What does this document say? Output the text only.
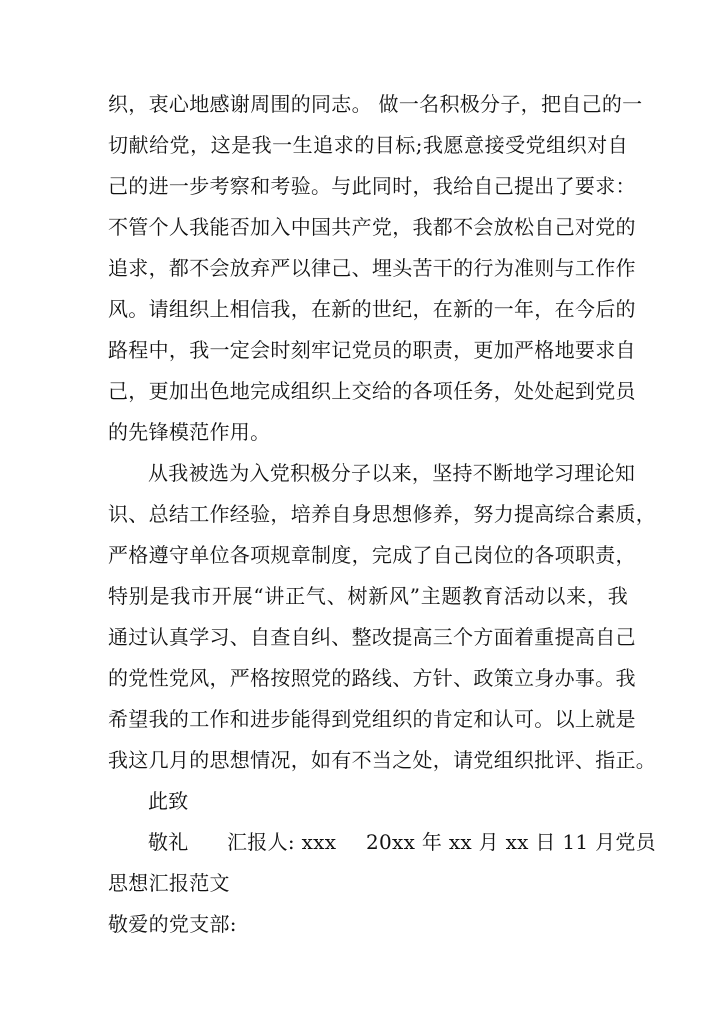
织，衷心地感谢周围的同志。 做一名积极分子，把自己的一
切献给党，这是我一生追求的目标;我愿意接受党组织对自
己的进一步考察和考验。与此同时，我给自己提出了要求：
不管个人我能否加入中国共产党，我都不会放松自己对党的
追求，都不会放弃严以律己、埋头苦干的行为准则与工作作
风。请组织上相信我，在新的世纪，在新的一年，在今后的
路程中，我一定会时刻牢记党员的职责，更加严格地要求自
己，更加出色地完成组织上交给的各项任务，处处起到党员
的先锋模范作用。
从我被选为入党积极分子以来，坚持不断地学习理论知
识、总结工作经验，培养自身思想修养，努力提高综合素质，
严格遵守单位各项规章制度，完成了自己岗位的各项职责，
特别是我市开展“讲正气、树新风”主题教育活动以来，我
通过认真学习、自查自纠、整改提高三个方面着重提高自己
的党性党风，严格按照党的路线、方针、政策立身办事。我
希望我的工作和进步能得到党组织的肯定和认可。以上就是
我这几月的思想情况，如有不当之处，请党组织批评、指正。
此致
敬礼	汇报人: xxx	20xx 年 xx 月 xx 日 11 月党员
思想汇报范文
敬爱的党支部:
